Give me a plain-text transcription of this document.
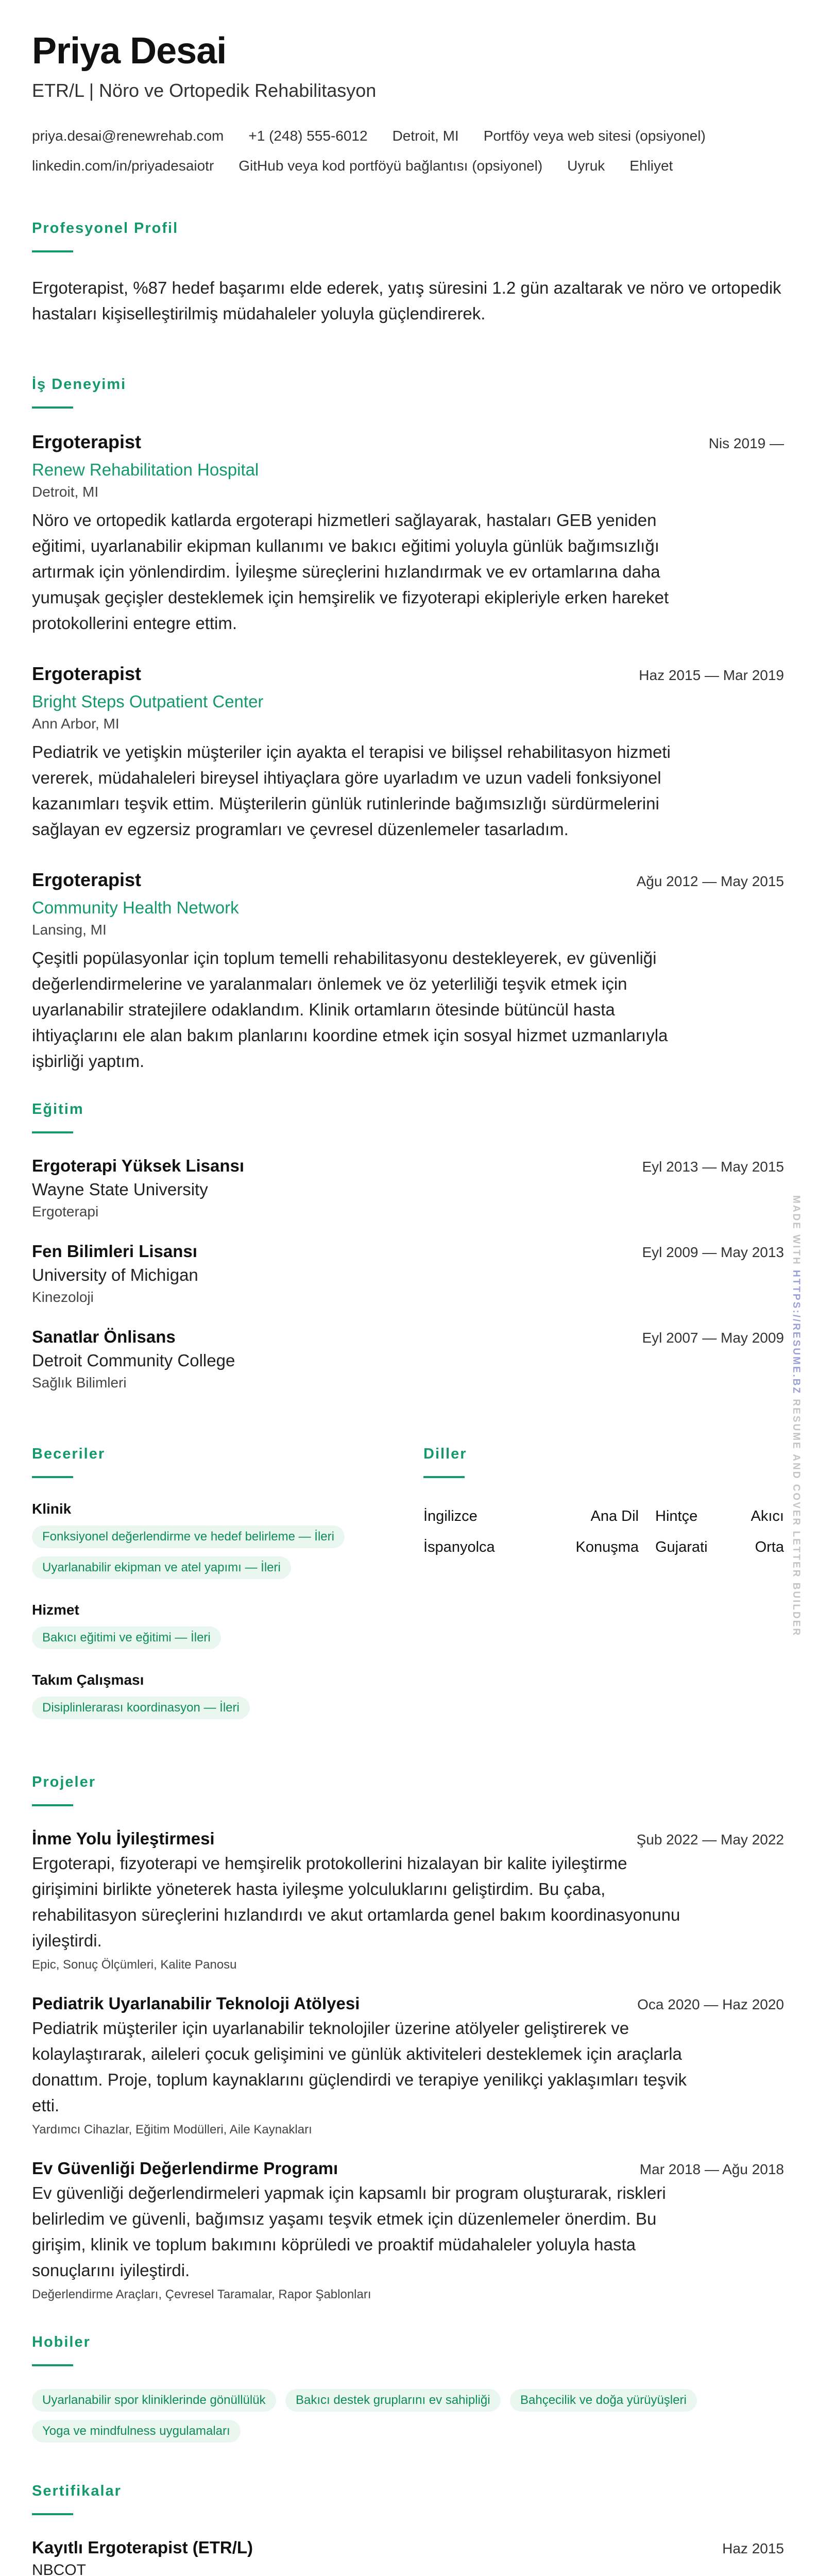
Priya Desai
ETR/L | Nöro ve Ortopedik Rehabilitasyon
priya.desai@renewrehab.com +1 (248) 555-6012 Detroit, MI Portföy veya web sitesi (opsiyonel)
linkedin.com/in/priyadesaiotr GitHub veya kod portföyü bağlantısı (opsiyonel) Uyruk Ehliyet
Profesyonel Profil

Ergoterapist, %87 hedef başarımı elde ederek, yatış süresini 1.2 gün azaltarak ve nöro ve ortopedik hastaları kişiselleştirilmiş müdahaleler yoluyla güçlendirerek.

İş Deneyimi
Ergoterapist	Nis 2019 —
Renew Rehabilitation Hospital
Detroit, MI

Nöro ve ortopedik katlarda ergoterapi hizmetleri sağlayarak, hastaları GEB yeniden eğitimi, uyarlanabilir ekipman kullanımı ve bakıcı eğitimi yoluyla günlük bağımsızlığı artırmak için yönlendirdim. İyileşme süreçlerini hızlandırmak ve ev ortamlarına daha yumuşak geçişler desteklemek için hemşirelik ve fizyoterapi ekipleriyle erken hareket protokollerini entegre ettim.

Ergoterapist	Haz 2015 — Mar 2019
Bright Steps Outpatient Center
Ann Arbor, MI

Pediatrik ve yetişkin müşteriler için ayakta el terapisi ve bilişsel rehabilitasyon hizmeti vererek, müdahaleleri bireysel ihtiyaçlara göre uyarladım ve uzun vadeli fonksiyonel kazanımları teşvik ettim. Müşterilerin günlük rutinlerinde bağımsızlığı sürdürmelerini sağlayan ev egzersiz programları ve çevresel düzenlemeler tasarladım.

Ergoterapist	Ağu 2012 — May 2015
Community Health Network
Lansing, MI

Çeşitli popülasyonlar için toplum temelli rehabilitasyonu destekleyerek, ev güvenliği değerlendirmelerine ve yaralanmaları önlemek ve öz yeterliliği teşvik etmek için uyarlanabilir stratejilere odaklandım. Klinik ortamların ötesinde bütüncül hasta ihtiyaçlarını ele alan bakım planlarını koordine etmek için sosyal hizmet uzmanlarıyla işbirliği yaptım.

Eğitim
Ergoterapi Yüksek Lisansı	Eyl 2013 — May 2015
Wayne State University
Ergoterapi
Fen Bilimleri Lisansı	Eyl 2009 — May 2013
University of Michigan
Kinezoloji
Sanatlar Önlisans	Eyl 2007 — May 2009
Detroit Community College
Sağlık Bilimleri
Beceriler
Klinik
Fonksiyonel değerlendirme ve hedef belirleme — İleri
Uyarlanabilir ekipman ve atel yapımı — İleri
Hizmet
Bakıcı eğitimi ve eğitimi — İleri
Takım Çalışması
Disiplinlerarası koordinasyon — İleri
Diller
İngilizce	Ana Dil	Hintçe	Akıcı
İspanyolca	Konuşma	Gujarati	Orta
Projeler
İnme Yolu İyileştirmesi	Şub 2022 — May 2022

Ergoterapi, fizyoterapi ve hemşirelik protokollerini hizalayan bir kalite iyileştirme girişimini birlikte yöneterek hasta iyileşme yolculuklarını geliştirdim. Bu çaba, rehabilitasyon süreçlerini hızlandırdı ve akut ortamlarda genel bakım koordinasyonunu iyileştirdi.

Epic, Sonuç Ölçümleri, Kalite Panosu
Pediatrik Uyarlanabilir Teknoloji Atölyesi	Oca 2020 — Haz 2020

Pediatrik müşteriler için uyarlanabilir teknolojiler üzerine atölyeler geliştirerek ve kolaylaştırarak, aileleri çocuk gelişimini ve günlük aktiviteleri desteklemek için araçlarla donattım. Proje, toplum kaynaklarını güçlendirdi ve terapiye yenilikçi yaklaşımları teşvik etti.

Yardımcı Cihazlar, Eğitim Modülleri, Aile Kaynakları
Ev Güvenliği Değerlendirme Programı	Mar 2018 — Ağu 2018

Ev güvenliği değerlendirmeleri yapmak için kapsamlı bir program oluşturarak, riskleri belirledim ve güvenli, bağımsız yaşamı teşvik etmek için düzenlemeler önerdim. Bu girişim, klinik ve toplum bakımını köprüledi ve proaktif müdahaleler yoluyla hasta sonuçlarını iyileştirdi.

Değerlendirme Araçları, Çevresel Taramalar, Rapor Şablonları
Hobiler
Uyarlanabilir spor kliniklerinde gönüllülük Bakıcı destek gruplarını ev sahipliği Bahçecilik ve doğa yürüyüşleri Yoga ve mindfulness uygulamaları
Sertifikalar
Kayıtlı Ergoterapist (ETR/L)	Haz 2015
NBCOT
MADE WITH HTTPS://RESUME.BZ RESUME AND COVER LETTER BUILDER
